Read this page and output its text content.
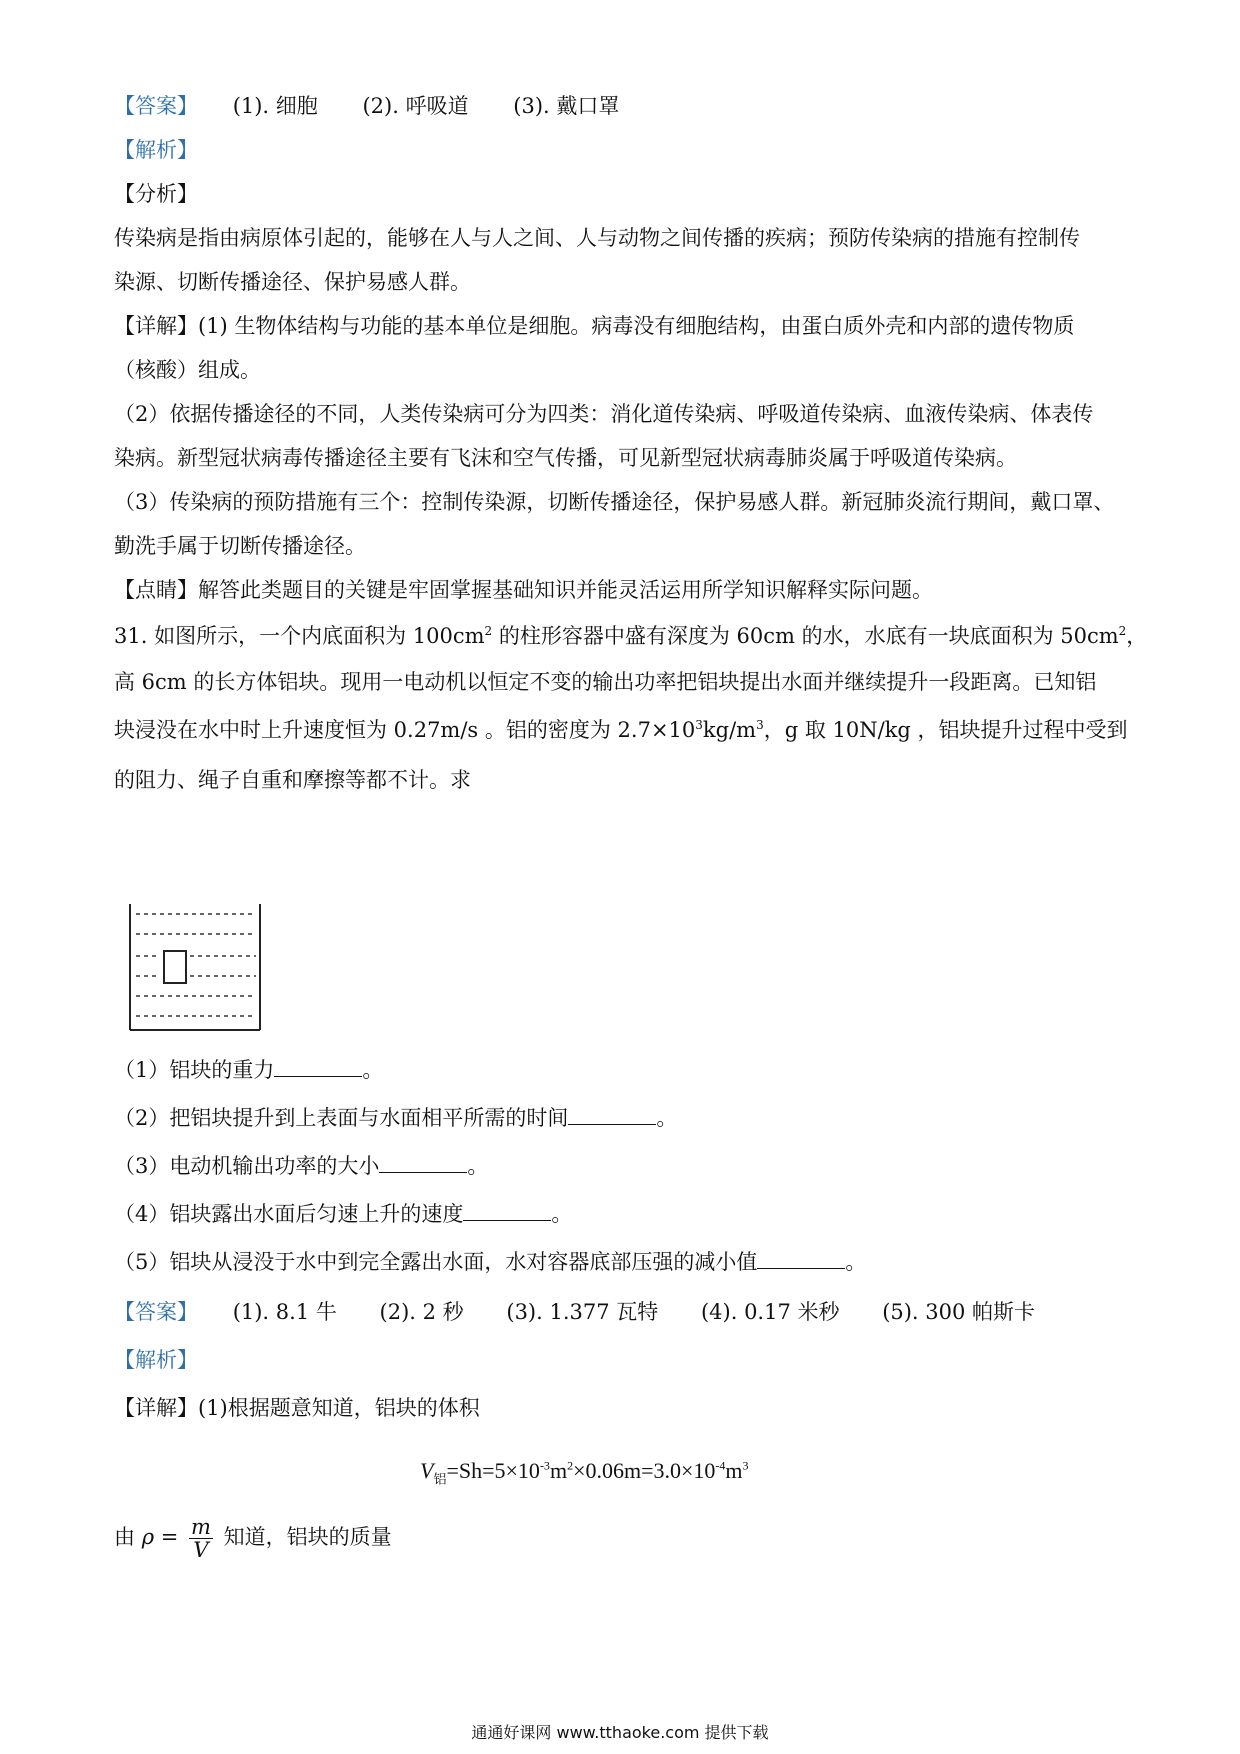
【答案】 (1). 细胞 (2). 呼吸道 (3). 戴口罩
【解析】
【分析】
传染病是指由病原体引起的，能够在人与人之间、人与动物之间传播的疾病；预防传染病的措施有控制传
染源、切断传播途径、保护易感人群。
【详解】(1) 生物体结构与功能的基本单位是细胞。病毒没有细胞结构，由蛋白质外壳和内部的遗传物质
（核酸）组成。
（2）依据传播途径的不同，人类传染病可分为四类：消化道传染病、呼吸道传染病、血液传染病、体表传
染病。新型冠状病毒传播途径主要有飞沫和空气传播，可见新型冠状病毒肺炎属于呼吸道传染病。
（3）传染病的预防措施有三个：控制传染源，切断传播途径，保护易感人群。新冠肺炎流行期间，戴口罩、
勤洗手属于切断传播途径。
【点睛】解答此类题目的关键是牢固掌握基础知识并能灵活运用所学知识解释实际问题。
31. 如图所示，一个内底面积为 $100cm^2$ 的柱形容器中盛有深度为 60cm 的水，水底有一块底面积为 $50cm^2$，
高 6cm 的长方体铝块。现用一电动机以恒定不变的输出功率把铝块提出水面并继续提升一段距离。已知铝
块浸没在水中时上升速度恒为 0.27m/s 。铝的密度为 $2.7\times 10^3kg/m^3$，g 取 10N/kg ，铝块提升过程中受到
的阻力、绳子自重和摩擦等都不计。求
（1）铝块的重力	。
（2）把铝块提升到上表面与水面相平所需的时间	。
（3）电动机输出功率的大小	。
（4）铝块露出水面后匀速上升的速度	。
（5）铝块从浸没于水中到完全露出水面，水对容器底部压强的减小值	。
【答案】 (1). 8.1 牛 (2). 2 秒 (3). 1.377 瓦特 (4). 0.17 米秒 (5). 300 帕斯卡
【解析】
【详解】(1)根据题意知道，铝块的体积
$V_铝=Sh=5\times 10^{-3}m^2\times 0.06m=3.0\times 10^{-4}m^3$
由 $\rho = \frac{m}{V}$ 知道，铝块的质量
通通好课网 www.tthaoke.com 提供下载
